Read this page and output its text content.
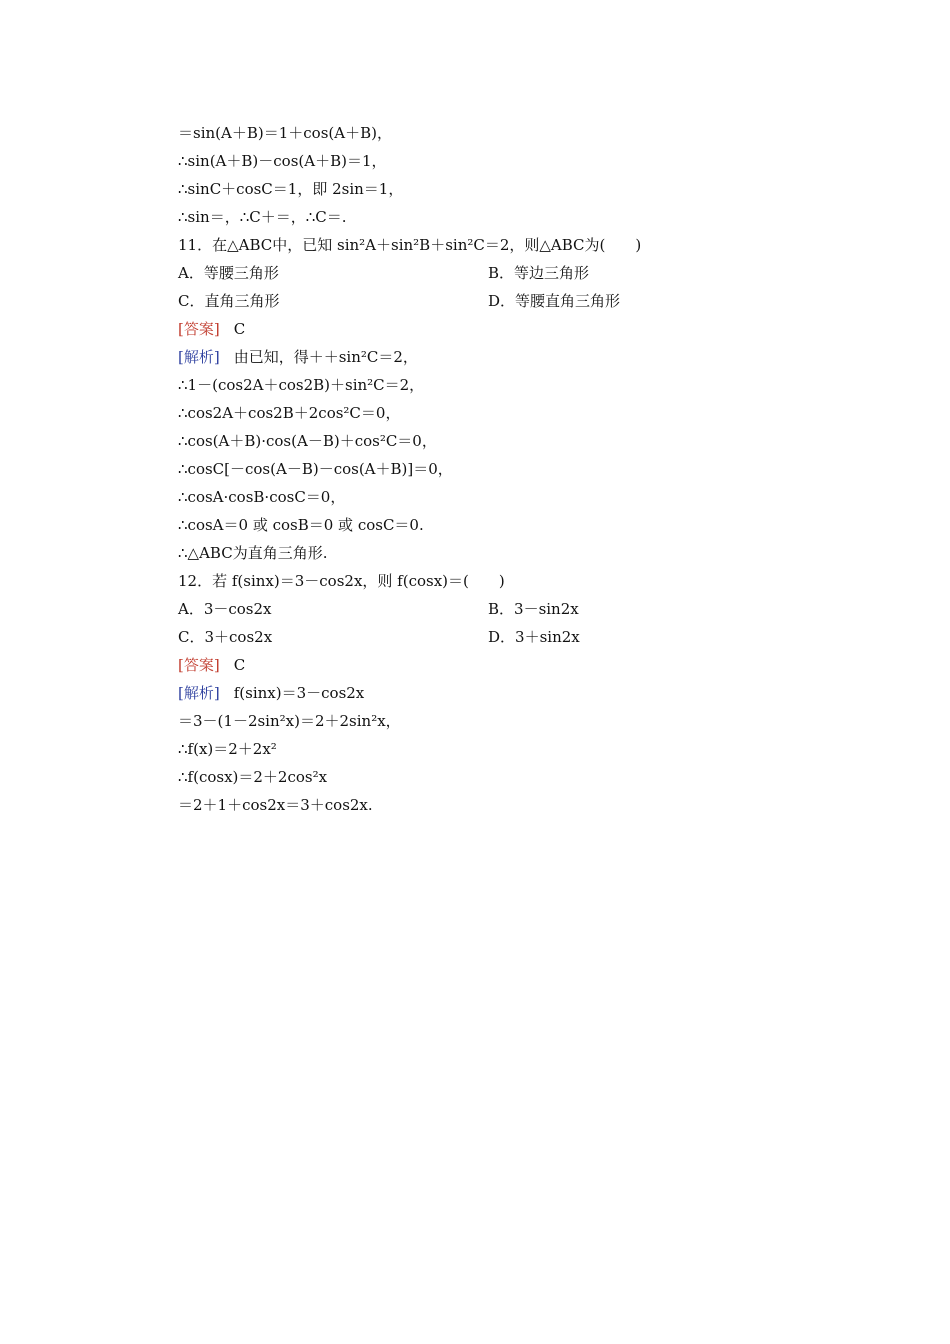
＝sin(A＋B)＝1＋cos(A＋B)，
∴sin(A＋B)－cos(A＋B)＝1，
∴sinC＋cosC＝1，即 2sin＝1，
∴sin＝，∴C＋＝，∴C＝.
11．在△ABC中，已知 sin²A＋sin²B＋sin²C＝2，则△ABC为(　　)
A．等腰三角形	B．等边三角形
C．直角三角形	D．等腰直角三角形
[答案] C
[解析] 由已知，得＋＋sin²C＝2，
∴1－(cos2A＋cos2B)＋sin²C＝2，
∴cos2A＋cos2B＋2cos²C＝0，
∴cos(A＋B)·cos(A－B)＋cos²C＝0，
∴cosC[－cos(A－B)－cos(A＋B)]＝0，
∴cosA·cosB·cosC＝0，
∴cosA＝0 或 cosB＝0 或 cosC＝0.
∴△ABC为直角三角形.
12．若 f(sinx)＝3－cos2x，则 f(cosx)＝(　　)
A．3－cos2x	B．3－sin2x
C．3＋cos2x	D．3＋sin2x
[答案] C
[解析] f(sinx)＝3－cos2x
＝3－(1－2sin²x)＝2＋2sin²x，
∴f(x)＝2＋2x²
∴f(cosx)＝2＋2cos²x
＝2＋1＋cos2x＝3＋cos2x.
